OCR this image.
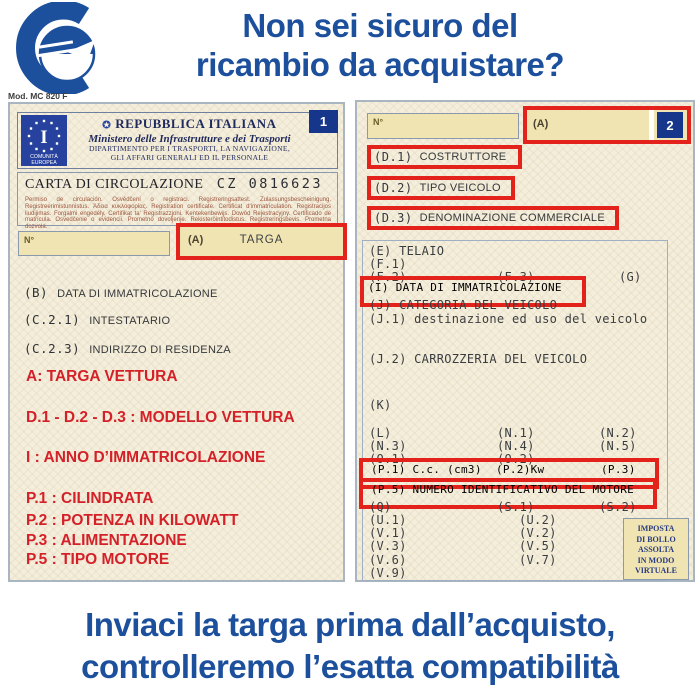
Non sei sicuro del
ricambio da acquistare?
Mod. MC 820 F
I
COMUNITÀ
EUROPEA
REPUBBLICA ITALIANA
Ministero delle Infrastrutture e dei Trasporti
DIPARTIMENTO PER I TRASPORTI, LA NAVIGAZIONE,
GLI AFFARI GENERALI ED IL PERSONALE
1
CARTA DI CIRCOLAZIONE CZ 0816623
Permiso de circulación. Osvědčení o registraci. Registreringsattest. Zulassungsbescheinigung. Registreerimistunnistus. Άδεια κυκλοφορίας. Registration certificate. Certificat d'immatriculation. Registracijos liudijimas. Forgalmi engedély. Certifikat ta' Registrazzjoni. Kentekenbewijs. Dowód Rejestracyjny. Certificado de matrícula. Osvedčenie o evidencii. Prometno dovoljenje. Rekisteröintitodistus. Registreringsbevis. Prometna dozvola.
N°	(A)	TARGA
(B) DATA DI IMMATRICOLAZIONE
(C.2.1) INTESTATARIO
(C.2.3) INDIRIZZO DI RESIDENZA
A: TARGA VETTURA
D.1 - D.2 - D.3 : MODELLO VETTURA
I : ANNO D’IMMATRICOLAZIONE
P.1 : CILINDRATA
P.2 : POTENZA IN KILOWATT
P.3 : ALIMENTAZIONE
P.5 : TIPO MOTORE
N°	(A)	2
(D.1) COSTRUTTORE
(D.2) TIPO VEICOLO
(D.3) DENOMINAZIONE COMMERCIALE
(E) TELAIO
(F.1)
(F.2)	(F.3)	(G)
(I) DATA DI IMMATRICOLAZIONE
(J) CATEGORIA DEL VEICOLO
(J.1) destinazione ed uso del veicolo
(J.2) CARROZZERIA DEL VEICOLO
(K)
(L)	(N.1)	(N.2)
(N.3)	(N.4)	(N.5)
(O.1)	(O.2)
(P.1) C.c. (cm3) (P.2)Kw	(P.3)
(P.5) NUMERO IDENTIFICATIVO DEL MOTORE
(Q)	(S.1)	(S.2)
(U.1)	(U.2)
(V.1)	(V.2)
(V.3)	(V.5)
(V.6)	(V.7)
(V.9)
IMPOSTA
DI BOLLO
ASSOLTA
IN MODO
VIRTUALE
Inviaci la targa prima dall’acquisto,
controlleremo l’esatta compatibilità
